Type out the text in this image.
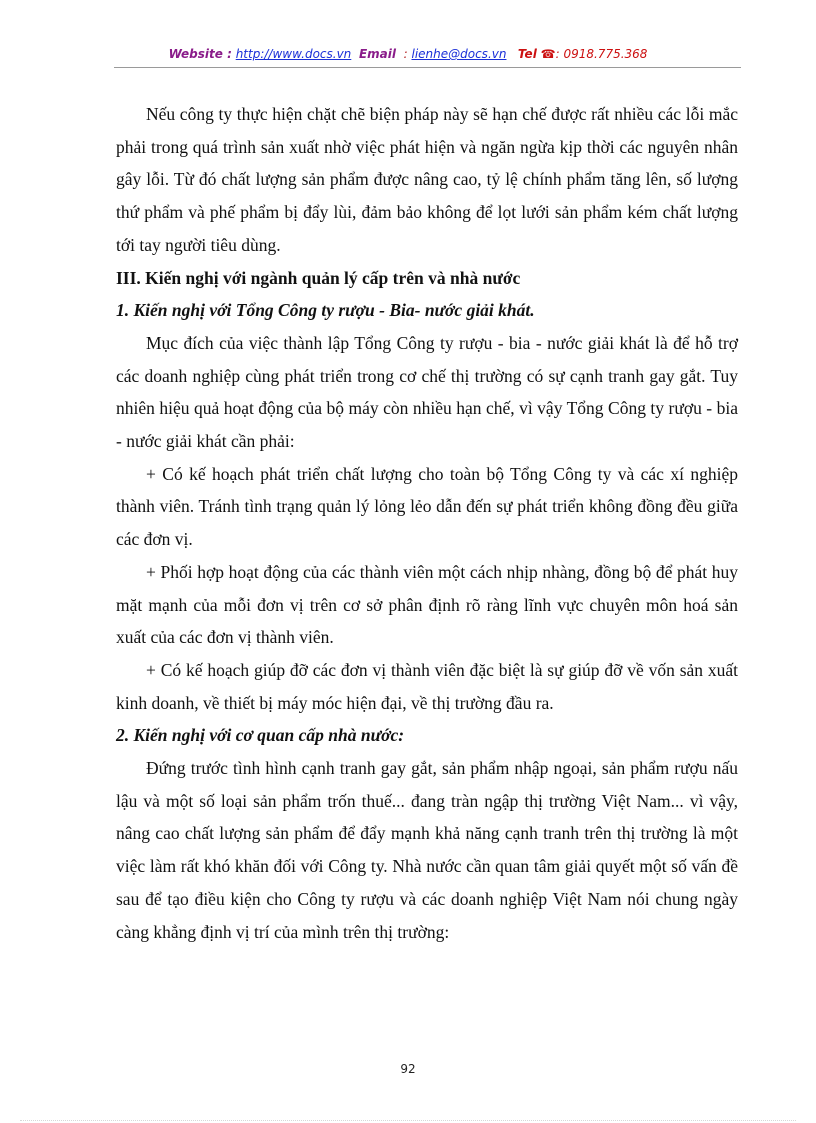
Website : http://www.docs.vn Email : lienhe@docs.vn Tel ☎: 0918.775.368

Nếu công ty thực hiện chặt chẽ biện pháp này sẽ hạn chế được rất nhiều các lỗi mắc phải trong quá trình sản xuất nhờ việc phát hiện và ngăn ngừa kịp thời các nguyên nhân gây lỗi. Từ đó chất lượng sản phẩm được nâng cao, tỷ lệ chính phẩm tăng lên, số lượng thứ phẩm và phế phẩm bị đẩy lùi, đảm bảo không để lọt lưới sản phẩm kém chất lượng tới tay người tiêu dùng.

III. Kiến nghị với ngành quản lý cấp trên và nhà nước
1. Kiến nghị với Tổng Công ty rượu - Bia- nước giải khát.

Mục đích của việc thành lập Tổng Công ty rượu - bia - nước giải khát là để hỗ trợ các doanh nghiệp cùng phát triển trong cơ chế thị trường có sự cạnh tranh gay gắt. Tuy nhiên hiệu quả hoạt động của bộ máy còn nhiều hạn chế, vì vậy Tổng Công ty rượu - bia - nước giải khát cần phải:

+ Có kế hoạch phát triển chất lượng cho toàn bộ Tổng Công ty và các xí nghiệp thành viên. Tránh tình trạng quản lý lỏng lẻo dẫn đến sự phát triển không đồng đều giữa các đơn vị.

+ Phối hợp hoạt động của các thành viên một cách nhịp nhàng, đồng bộ để phát huy mặt mạnh của mỗi đơn vị trên cơ sở phân định rõ ràng lĩnh vực chuyên môn hoá sản xuất của các đơn vị thành viên.

+ Có kế hoạch giúp đỡ các đơn vị thành viên đặc biệt là sự giúp đỡ về vốn sản xuất kinh doanh, về thiết bị máy móc hiện đại, về thị trường đầu ra.

2. Kiến nghị với cơ quan cấp nhà nước:

Đứng trước tình hình cạnh tranh gay gắt, sản phẩm nhập ngoại, sản phẩm rượu nấu lậu và một số loại sản phẩm trốn thuế... đang tràn ngập thị trường Việt Nam... vì vậy, nâng cao chất lượng sản phẩm để đẩy mạnh khả năng cạnh tranh trên thị trường là một việc làm rất khó khăn đối với Công ty. Nhà nước cần quan tâm giải quyết một số vấn đề sau để tạo điều kiện cho Công ty rượu và các doanh nghiệp Việt Nam nói chung ngày càng khẳng định vị trí của mình trên thị trường:

92
